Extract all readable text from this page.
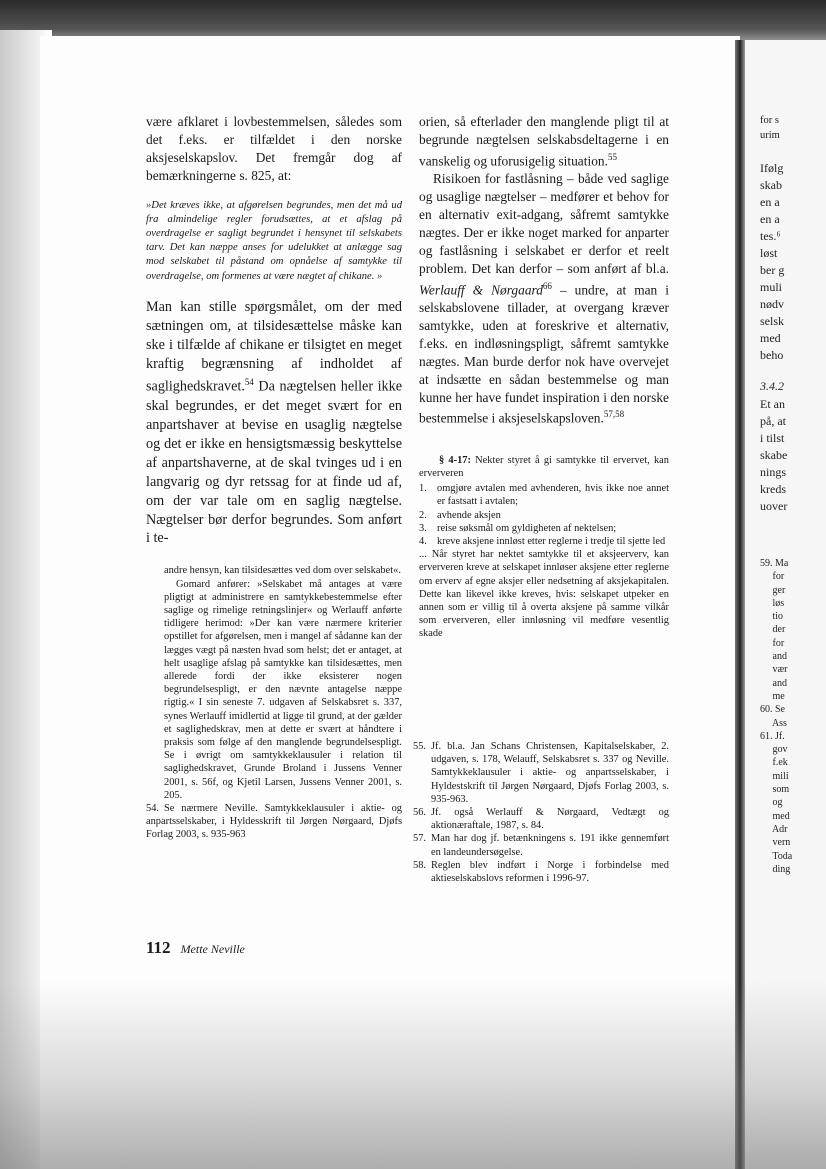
være afklaret i lovbestemmelsen, således som det f.eks. er tilfældet i den norske aksjeselskapslov. Det fremgår dog af bemærkningerne s. 825, at:

»Det kræves ikke, at afgørelsen begrundes, men det må ud fra almindelige regler forudsættes, at et afslag på overdragelse er sagligt begrundet i hensynet til selskabets tarv. Det kan næppe anses for udelukket at anlægge sag mod selskabet til påstand om opnåelse af samtykke til overdragelse, om formenes at være nægtet af chikane. »

Man kan stille spørgsmålet, om der med sætningen om, at tilsidesættelse måske kan ske i tilfælde af chikane er tilsigtet en meget kraftig begrænsning af indholdet af saglighedskravet.$^{54}$ Da nægtelsen heller ikke skal begrundes, er det meget svært for en anpartshaver at bevise en usaglig nægtelse og det er ikke en hensigtsmæssig beskyttelse af anpartshaverne, at de skal tvinges ud i en langvarig og dyr retssag for at finde ud af, om der var tale om en saglig nægtelse. Nægtelser bør derfor begrundes. Som anført i te-

andre hensyn, kan tilsidesættes ved dom over selskabet«.

Gomard anfører: »Selskabet må antages at være pligtigt at administrere en samtykkebestemmelse efter saglige og rimelige retningslinjer« og Werlauff anførte tidligere herimod: »Der kan være nærmere kriterier opstillet for afgørelsen, men i mangel af sådanne kan der lægges vægt på næsten hvad som helst; det er antaget, at helt usaglige afslag på samtykke kan tilsidesættes, men allerede fordi der ikke eksisterer nogen begrundelsespligt, er den nævnte antagelse næppe rigtig.« I sin seneste 7. udgaven af Selskabsret s. 337, synes Werlauff imidlertid at ligge til grund, at der gælder et saglighedskrav, men at dette er svært at håndtere i praksis som følge af den manglende begrundelsespligt. Se i øvrigt om samtykkeklausuler i relation til saglighedskravet, Grunde Broland i Jussens Venner 2001, s. 56f, og Kjetil Larsen, Jussens Venner 2001, s. 205.

54. Se nærmere Neville. Samtykkeklausuler i aktie- og anpartsselskaber, i Hyldesskrift til Jørgen Nørgaard, Djøfs Forlag 2003, s. 935-963

orien, så efterlader den manglende pligt til at begrunde nægtelsen selskabsdeltagerne i en vanskelig og uforusigelig situation.$^{55}$

Risikoen for fastlåsning – både ved saglige og usaglige nægtelser – medfører et behov for en alternativ exit-adgang, såfremt samtykke nægtes. Der er ikke noget marked for anparter og fastlåsning i selskabet er derfor et reelt problem. Det kan derfor – som anført af bl.a. Werlauff & Nørgaard$^{66}$ – undre, at man i selskabslovene tillader, at overgang kræver samtykke, uden at foreskrive et alternativ, f.eks. en indløsningspligt, såfremt samtykke nægtes. Man burde derfor nok have overvejet at indsætte en sådan bestemmelse og man kunne her have fundet inspiration i den norske bestemmelse i aksjeselskapsloven.$^{57,58}$

§ 4-17: Nekter styret å gi samtykke til ervervet, kan erververen

1. omgjøre avtalen med avhenderen, hvis ikke noe annet er fastsatt i avtalen;
2. avhende aksjen
3. reise søksmål om gyldigheten af nektelsen;
4. kreve aksjene innløst etter reglerne i tredje til sjette led

... Når styret har nektet samtykke til et aksjeerverv, kan erververen kreve at selskapet innløser aksjene etter reglerne om erverv af egne aksjer eller nedsetning af aksjekapitalen. Dette kan likevel ikke kreves, hvis: selskapet utpeker en annen som er villig til å overta aksjene på samme vilkår som erververen, eller innløsning vil medføre vesentlig skade

55. Jf. bl.a. Jan Schans Christensen, Kapitalselskaber, 2. udgaven, s. 178, Welauff, Selskabsret s. 337 og Neville. Samtykkeklausuler i aktie- og anpartsselskaber, i Hyldestskrift til Jørgen Nørgaard, Djøfs Forlag 2003, s. 935-963.

56. Jf. også Werlauff & Nørgaard, Vedtægt og aktionæraftale, 1987, s. 84.

57. Man har dog jf. betænkningens s. 191 ikke gennemført en landeundersøgelse.

58. Reglen blev indført i Norge i forbindelse med aktieselskabslovs reformen i 1996-97.

112 Mette Neville
for s
urim
Ifølg
skab
en a
en a
tes.⁶
løst
ber g
muli
nødv
selsk
med
beho
3.4.2
Et an
på, at
i tilst
skabe
nings
kreds
uover
59. Ma
for
ger
løs
tio
der
for
and
vær
and
me
60. Se
Ass
61. Jf.
gov
f.ek
mili
som
og
med
Adr
vern
Toda
ding
